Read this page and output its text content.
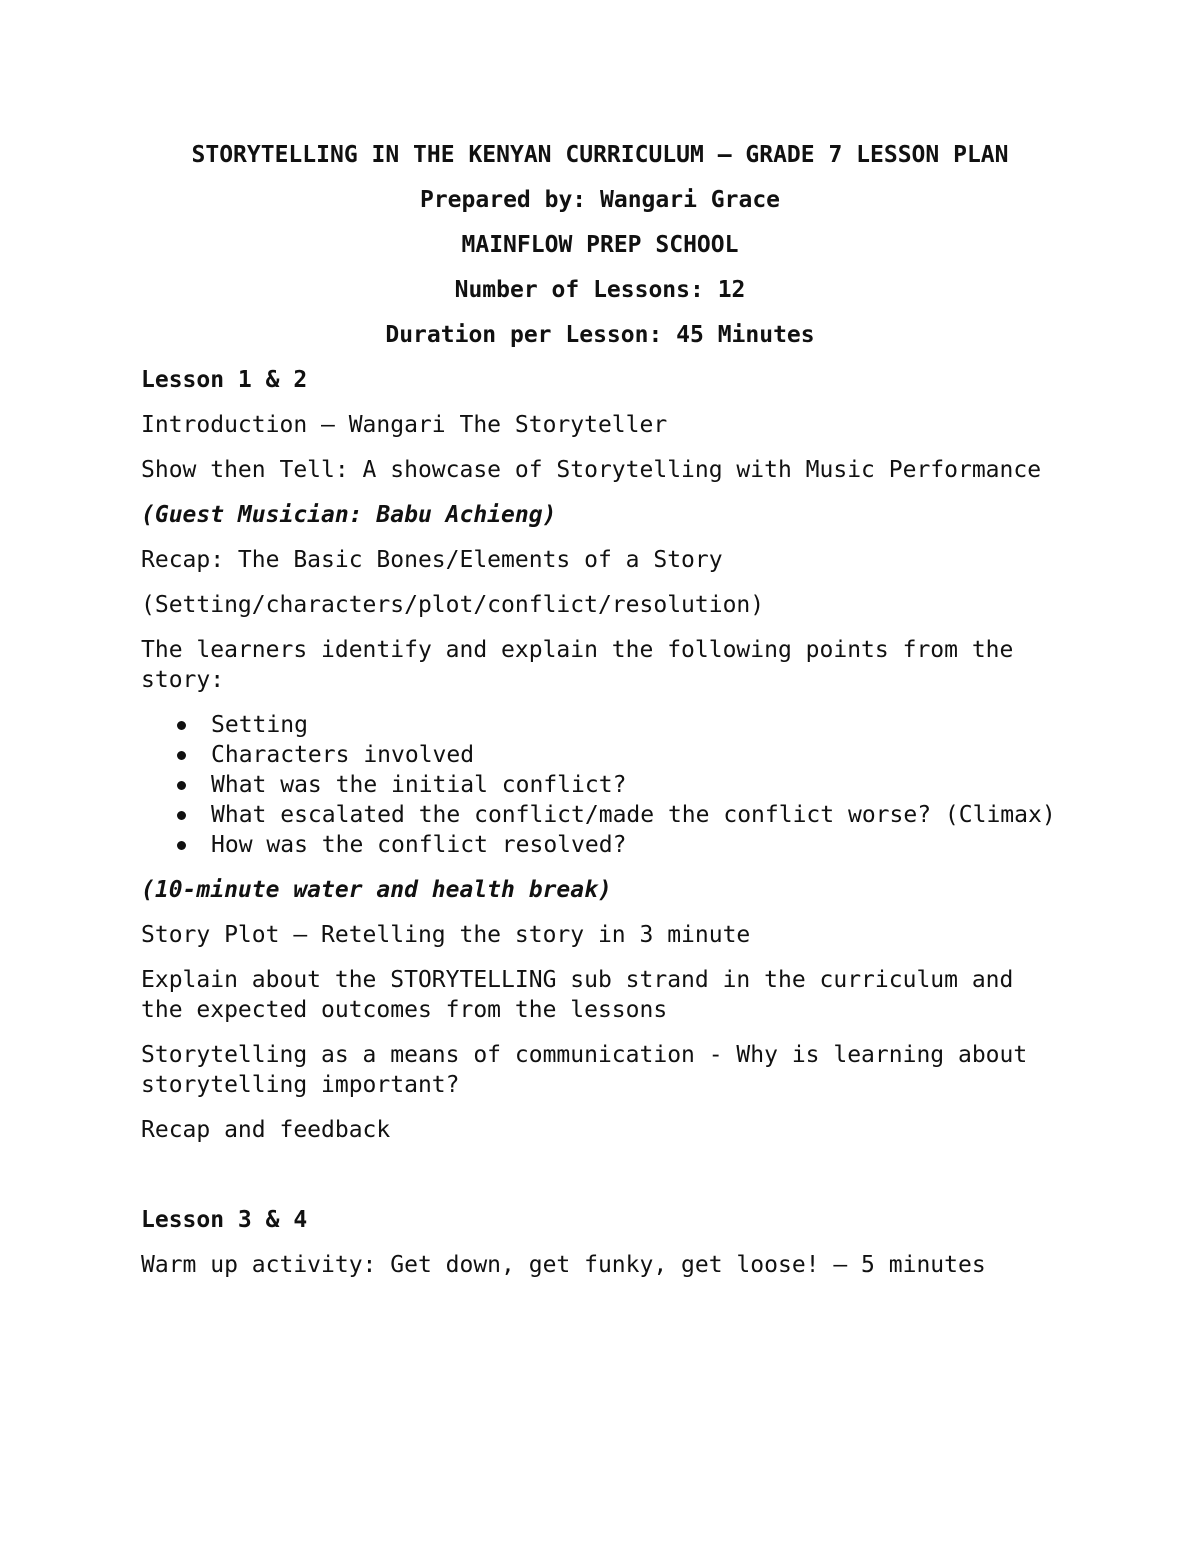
STORYTELLING IN THE KENYAN CURRICULUM – GRADE 7 LESSON PLAN

Prepared by: Wangari Grace

MAINFLOW PREP SCHOOL

Number of Lessons: 12

Duration per Lesson: 45 Minutes

Lesson 1 & 2

Introduction – Wangari The Storyteller

Show then Tell: A showcase of Storytelling with Music Performance

(Guest Musician: Babu Achieng)

Recap: The Basic Bones/Elements of a Story

(Setting/characters/plot/conflict/resolution)

The learners identify and explain the following points from the story:

Setting
Characters involved
What was the initial conflict?
What escalated the conflict/made the conflict worse? (Climax)
How was the conflict resolved?

(10-minute water and health break)

Story Plot – Retelling the story in 3 minute

Explain about the STORYTELLING sub strand in the curriculum and the expected outcomes from the lessons

Storytelling as a means of communication - Why is learning about storytelling important?

Recap and feedback

Lesson 3 & 4

Warm up activity: Get down, get funky, get loose! – 5 minutes
